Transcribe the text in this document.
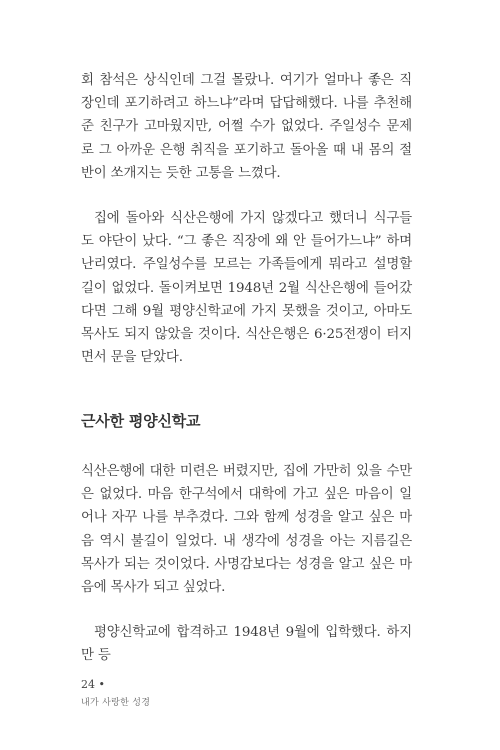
회 참석은 상식인데 그걸 몰랐나. 여기가 얼마나 좋은 직장인데 포기하려고 하느냐”라며 답답해했다. 나를 추천해준 친구가 고마웠지만, 어쩔 수가 없었다. 주일성수 문제로 그 아까운 은행 취직을 포기하고 돌아올 때 내 몸의 절반이 쏘개지는 듯한 고통을 느꼈다.

집에 돌아와 식산은행에 가지 않겠다고 했더니 식구들도 야단이 났다. “그 좋은 직장에 왜 안 들어가느냐” 하며 난리였다. 주일성수를 모르는 가족들에게 뭐라고 설명할 길이 없었다. 돌이켜보면 1948년 2월 식산은행에 들어갔다면 그해 9월 평양신학교에 가지 못했을 것이고, 아마도 목사도 되지 않았을 것이다. 식산은행은 6·25전쟁이 터지면서 문을 닫았다.

근사한 평양신학교

식산은행에 대한 미련은 버렸지만, 집에 가만히 있을 수만은 없었다. 마음 한구석에서 대학에 가고 싶은 마음이 일어나 자꾸 나를 부추겼다. 그와 함께 성경을 알고 싶은 마음 역시 불길이 일었다. 내 생각에 성경을 아는 지름길은 목사가 되는 것이었다. 사명감보다는 성경을 알고 싶은 마음에 목사가 되고 싶었다.

평양신학교에 합격하고 1948년 9월에 입학했다. 하지만 등

24 •
내가 사랑한 성경
